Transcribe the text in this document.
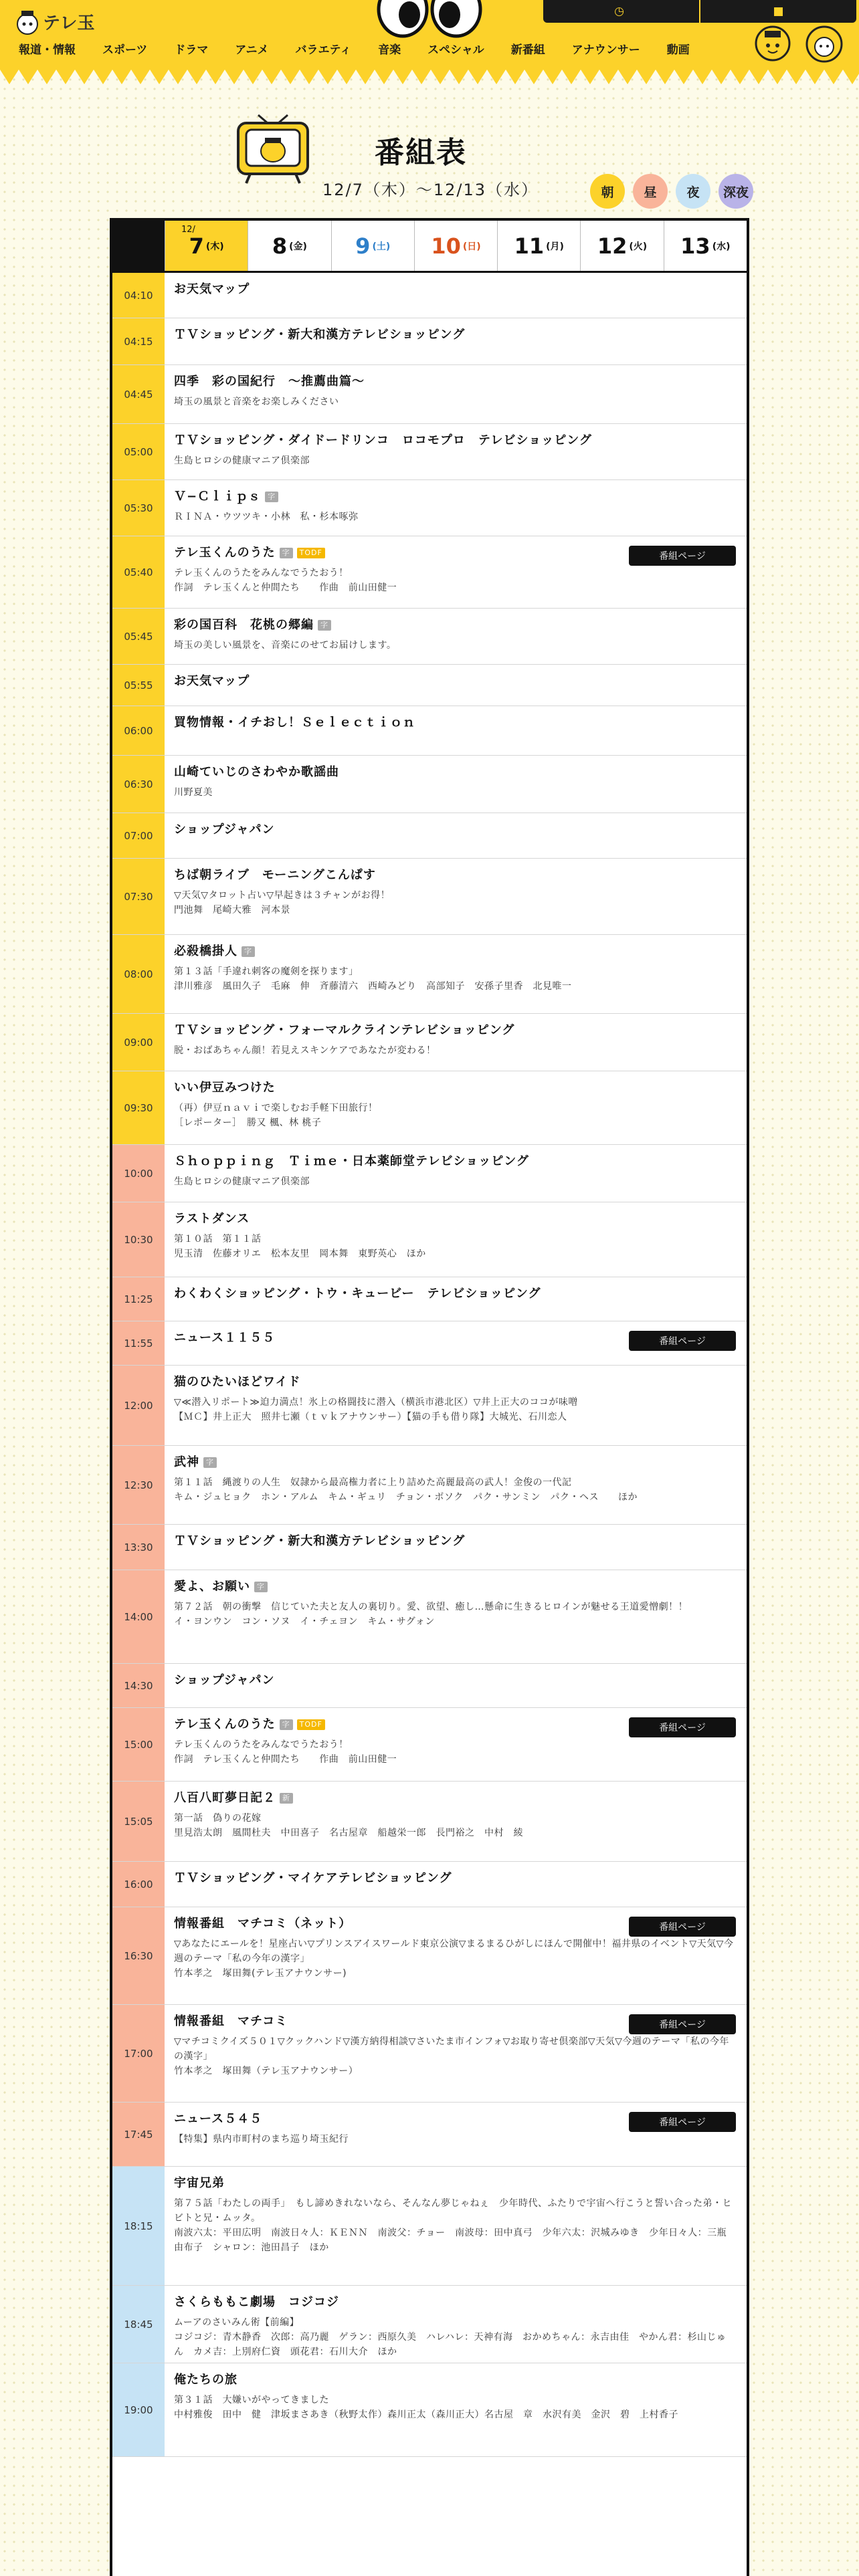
テレ玉
◷	■
報道・情報 スポーツ ドラマ アニメ バラエティ 音楽 スペシャル 新番組 アナウンサー 動画
番組表
12/7（木）〜12/13（水）	朝	昼	夜	深夜
12/
7 (木) 8 (金) 9 (土) 10 (日) 11 (月) 12 (火) 13 (水)
04:10	お天気マップ
04:15	ＴＶショッピング・新大和漢方テレビショッピング
04:45
四季　彩の国紀行　〜推薦曲篇〜
埼玉の風景と音楽をお楽しみください
05:00
ＴＶショッピング・ダイドードリンコ　ロコモプロ　テレビショッピング
生島ヒロシの健康マニア倶楽部
05:30
Ｖ−Ｃｌｉｐｓ 字
ＲＩＮＡ・ウツツキ・小林　私・杉本啄弥
05:40
テレ玉くんのうた 字	TODF
テレ玉くんのうたをみんなでうたおう！
作詞　テレ玉くんと仲間たち　　作曲　前山田健一
番組ページ
05:45
彩の国百科　花桃の郷編 字
埼玉の美しい風景を、音楽にのせてお届けします。
05:55	お天気マップ
06:00
買物情報・イチおし！Ｓｅｌｅｃｔｉｏｎ
06:30
山崎ていじのさわやか歌謡曲
川野夏美
07:00	ショップジャパン
07:30
ちば朝ライブ　モーニングこんぱす
▽天気▽タロット占い▽早起きは３チャンがお得！
門池舞　尾崎大雅　河本景
08:00
必殺橋掛人 字
第１３話「手違れ刺客の魔剣を探ります」
津川雅彦　風田久子　毛麻　伸　斉藤清六　西崎みどり　高部知子　安孫子里香　北見唯一
09:00
ＴＶショッピング・フォーマルクラインテレビショッピング
脱・おばあちゃん顔！若見えスキンケアであなたが変わる！
09:30
いい伊豆みつけた
（再）伊豆ｎａｖｉで楽しむお手軽下田旅行！
［レポーター］　勝又 楓、林 桃子
10:00
Ｓｈｏｐｐｉｎｇ　Ｔｉｍｅ・日本薬師堂テレビショッピング
生島ヒロシの健康マニア倶楽部
10:30
ラストダンス
第１０話　第１１話
児玉清　佐藤オリエ　松本友里　岡本舞　東野英心　ほか
11:25	わくわくショッピング・トウ・キュービー　テレビショッピング
11:55	ニュース１１５５	番組ページ
12:00
猫のひたいほどワイド
▽≪潜入リポート≫迫力満点！氷上の格闘技に潜入（横浜市港北区）▽井上正大のココが味噌
【ＭＣ】井上正大　照井七瀬（ｔｖｋアナウンサー）【猫の手も借り隊】大城光、石川恋人
12:30
武神 字
第１１話　縄渡りの人生　奴隷から最高権力者に上り詰めた高麗最高の武人！金俊の一代記
キム・ジュヒョク　ホン・アルム　キム・ギュリ　チョン・ボソク　パク・サンミン　パク・ヘス　　ほか
13:30	ＴＶショッピング・新大和漢方テレビショッピング
14:00
愛よ、お願い 字
第７２話　朝の衝撃　信じていた夫と友人の裏切り。愛、欲望、癒し…懸命に生きるヒロインが魅せる王道愛憎劇！！
イ・ヨンウン　コン・ソヌ　イ・チェヨン　キム・サグォン
14:30	ショップジャパン
15:00
テレ玉くんのうた 字	TODF
テレ玉くんのうたをみんなでうたおう！
作詞　テレ玉くんと仲間たち　　作曲　前山田健一
番組ページ
15:05
八百八町夢日記２ 新
第一話　偽りの花嫁
里見浩太朗　風間杜夫　中田喜子　名古屋章　船越栄一郎　長門裕之　中村　綾
16:00	ＴＶショッピング・マイケアテレビショッピング
16:30
情報番組　マチコミ（ネット）
▽あなたにエールを！星座占い▽プリンスアイスワールド東京公演▽まるまるひがしにほんで開催中！福井県のイベント▽天気▽今週のテーマ「私の今年の漢字」
竹本孝之　塚田舞(テレ玉アナウンサー)
番組ページ
17:00
情報番組　マチコミ
▽マチコミクイズ５０１▽クックハンド▽漢方納得相談▽さいたま市インフォ▽お取り寄せ倶楽部▽天気▽今週のテーマ「私の今年の漢字」
竹本孝之　塚田舞（テレ玉アナウンサー）
番組ページ
17:45
ニュース５４５
【特集】県内市町村のまち巡り埼玉紀行
番組ページ
18:15
宇宙兄弟
第７５話「わたしの両手」　もし諦めきれないなら、そんなん夢じゃねぇ　少年時代、ふたりで宇宙へ行こうと誓い合った弟・ヒビトと兄・ムッタ。
南波六太：平田広明　南波日々人：ＫＥＮＮ　南波父：チョー　南波母：田中真弓　少年六太：沢城みゆき　少年日々人：三瓶由布子　シャロン：池田昌子　ほか
18:45
さくらももこ劇場　コジコジ
ムーアのさいみん術【前編】
コジコジ：青木静香　次郎：高乃麗　ゲラン：西原久美　ハレハレ：天神有海　おかめちゃん：永吉由佳　やかん君：杉山じゅん　カメ吉：上別府仁資　頭花君：石川大介　ほか
19:00
俺たちの旅
第３１話　大嫌いがやってきました
中村雅俊　田中　健　津坂まさあき（秋野太作）森川正太（森川正大）名古屋　章　水沢有美　金沢　碧　上村香子
